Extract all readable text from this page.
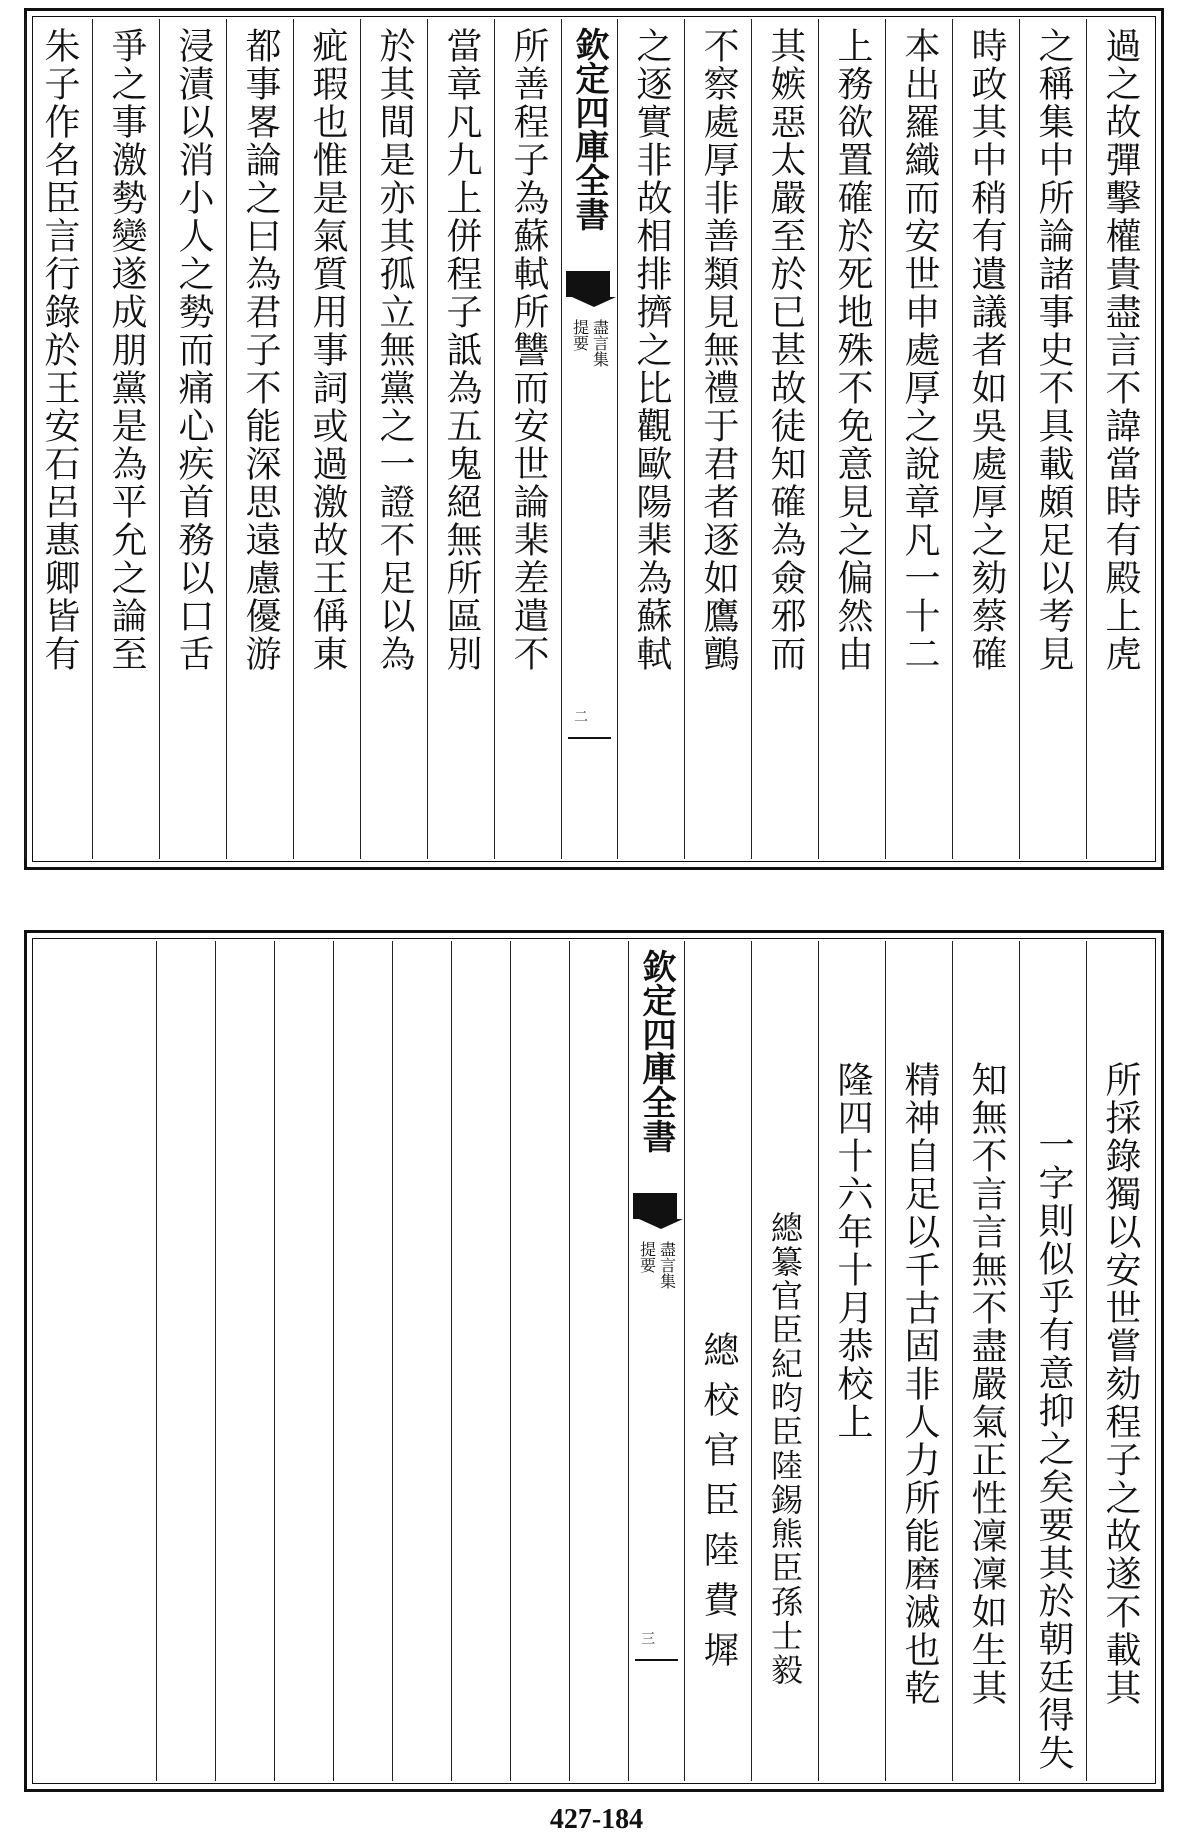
過之故彈擊權貴盡言不諱當時有殿上虎
之稱集中所論諸事史不具載頗足以考見
時政其中稍有遺議者如吳處厚之劾蔡確
本出羅織而安世申處厚之說章凡一十二
上務欲置確於死地殊不免意見之偏然由
其嫉惡太嚴至於已甚故徒知確為僉邪而
不察處厚非善類見無禮于君者逐如鷹鸇
之逐實非故相排擠之比觀歐陽棐為蘇軾
欽定四庫全書
盡言集
提要
二
所善程子為蘇軾所讐而安世論棐差遣不
當章凡九上併程子詆為五鬼絕無所區別
於其間是亦其孤立無黨之一證不足以為
疵瑕也惟是氣質用事詞或過激故王偁東
都事畧論之曰為君子不能深思遠慮優游
浸漬以消小人之勢而痛心疾首務以口舌
爭之事激勢變遂成朋黨是為平允之論至
朱子作名臣言行錄於王安石呂惠卿皆有
所採錄獨以安世嘗劾程子之故遂不載其
一字則似乎有意抑之矣要其於朝廷得失
知無不言言無不盡嚴氣正性凜凜如生其
精神自足以千古固非人力所能磨滅也乾
隆四十六年十月恭校上
總纂官臣紀昀臣陸錫熊臣孫士毅
總校官臣陸費墀
欽定四庫全書
盡言集
提要
三
427-184
